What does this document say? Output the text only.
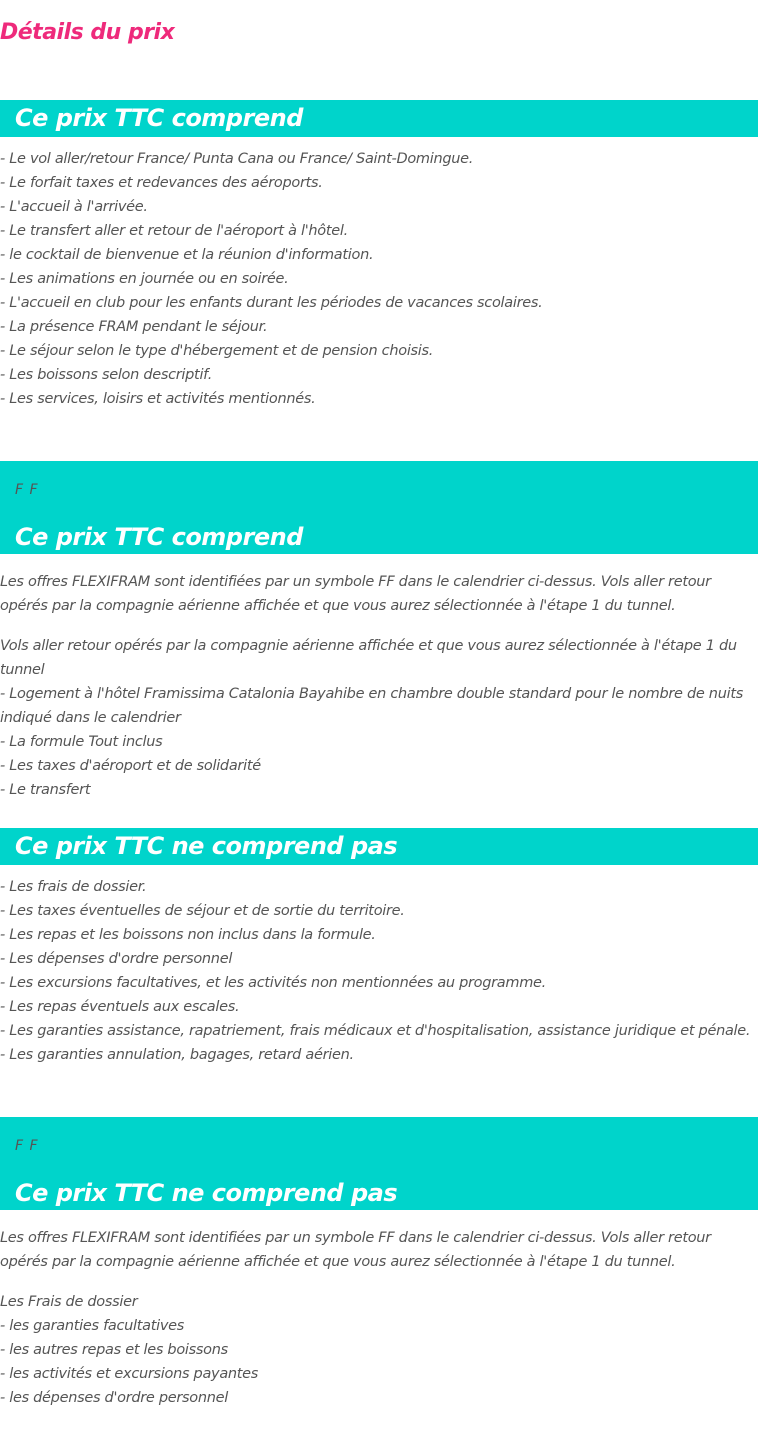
Détails du prix
Ce prix TTC comprend
- Le vol aller/retour France/ Punta Cana ou France/ Saint-Domingue.
- Le forfait taxes et redevances des aéroports.
- L'accueil à l'arrivée.
- Le transfert aller et retour de l'aéroport à l'hôtel.
- le cocktail de bienvenue et la réunion d'information.
- Les animations en journée ou en soirée.
- L'accueil en club pour les enfants durant les périodes de vacances scolaires.
- La présence FRAM pendant le séjour.
- Le séjour selon le type d'hébergement et de pension choisis.
- Les boissons selon descriptif.
- Les services, loisirs et activités mentionnés.

F F

Ce prix TTC comprend

Les offres FLEXIFRAM sont identifiées par un symbole FF dans le calendrier ci-dessus. Vols aller retour opérés par la compagnie aérienne affichée et que vous aurez sélectionnée à l'étape 1 du tunnel.

Vols aller retour opérés par la compagnie aérienne affichée et que vous aurez sélectionnée à l'étape 1 du tunnel
- Logement à l'hôtel Framissima Catalonia Bayahibe en chambre double standard pour le nombre de nuits indiqué dans le calendrier
- La formule Tout inclus
- Les taxes d'aéroport et de solidarité
- Le transfert
Ce prix TTC ne comprend pas
- Les frais de dossier.
- Les taxes éventuelles de séjour et de sortie du territoire.
- Les repas et les boissons non inclus dans la formule.
- Les dépenses d'ordre personnel
- Les excursions facultatives, et les activités non mentionnées au programme.
- Les repas éventuels aux escales.
- Les garanties assistance, rapatriement, frais médicaux et d'hospitalisation, assistance juridique et pénale.
- Les garanties annulation, bagages, retard aérien.

F F

Ce prix TTC ne comprend pas

Les offres FLEXIFRAM sont identifiées par un symbole FF dans le calendrier ci-dessus. Vols aller retour opérés par la compagnie aérienne affichée et que vous aurez sélectionnée à l'étape 1 du tunnel.

Les Frais de dossier
- les garanties facultatives
- les autres repas et les boissons
- les activités et excursions payantes
- les dépenses d'ordre personnel
